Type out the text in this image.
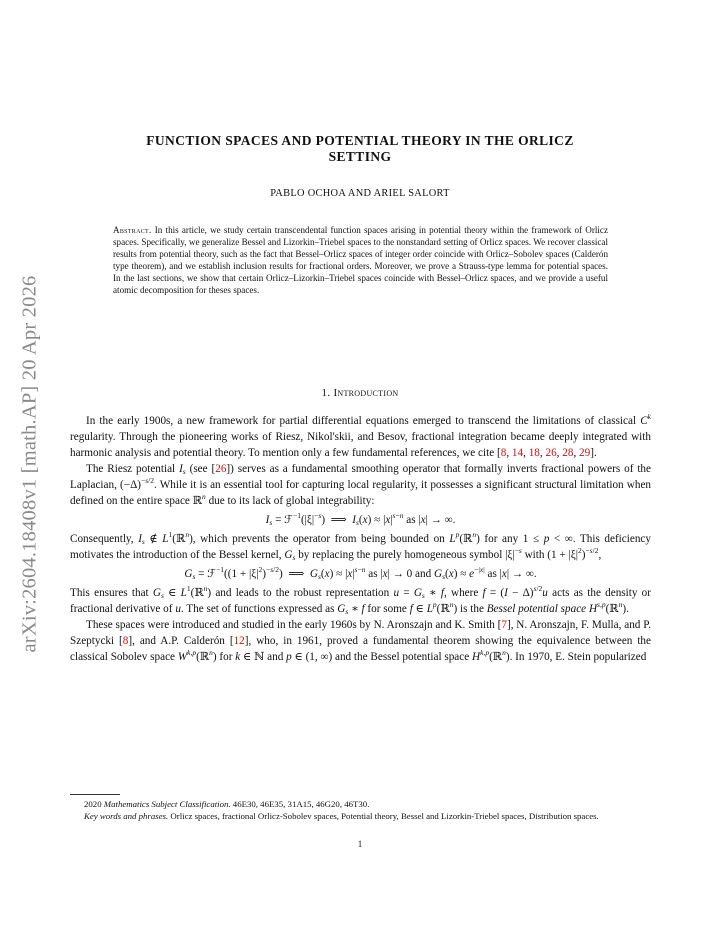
arXiv:2604.18408v1 [math.AP] 20 Apr 2026
FUNCTION SPACES AND POTENTIAL THEORY IN THE ORLICZ
SETTING
PABLO OCHOA AND ARIEL SALORT
Abstract. In this article, we study certain transcendental function spaces arising in potential theory within the framework of Orlicz spaces. Specifically, we generalize Bessel and Lizorkin–Triebel spaces to the nonstandard setting of Orlicz spaces. We recover classical results from potential theory, such as the fact that Bessel–Orlicz spaces of integer order coincide with Orlicz–Sobolev spaces (Calderón type theorem), and we establish inclusion results for fractional orders. Moreover, we prove a Strauss-type lemma for potential spaces. In the last sections, we show that certain Orlicz–Lizorkin–Triebel spaces coincide with Bessel–Orlicz spaces, and we provide a useful atomic decomposition for theses spaces.
1. Introduction

In the early 1900s, a new framework for partial differential equations emerged to transcend the limitations of classical $C^k$ regularity. Through the pioneering works of Riesz, Nikol'skii, and Besov, fractional integration became deeply integrated with harmonic analysis and potential theory. To mention only a few fundamental references, we cite [8, 14, 18, 26, 28, 29].

The Riesz potential $I_s$ (see [26]) serves as a fundamental smoothing operator that formally inverts fractional powers of the Laplacian, $(-\Delta)^{-s/2}$. While it is an essential tool for capturing local regularity, it possesses a significant structural limitation when defined on the entire space ℝ$^n$ due to its lack of global integrability:

$I_s$ = $ℱ^{-1}(|\xi|^{-s})$  ⟹  $I_s(x) \approx |x|^{s-n}$ as |x| → ∞.

Consequently, $I_s$ ∉ $L^1(ℝ^n)$, which prevents the operator from being bounded on $L^p(ℝ^n)$ for any 1 ≤ p < ∞. This deficiency motivates the introduction of the Bessel kernel, $G_s$ by replacing the purely homogeneous symbol $|\xi|^{-s}$ with $(1 + |\xi|^2)^{-s/2}$,

$G_s$ = ℱ$^{-1}$((1 + $|\xi|^2)^{-s/2}$)  ⟹  $G_s(x) \approx |x|^{s-n}$ as |x| → 0 and $G_s(x) \approx e^{-|x|}$ as |x| → ∞.

This ensures that $G_s$ ∈ $L^1(ℝ^n)$ and leads to the robust representation $u = G_s$ ∗ f, where $f = (I - \Delta)^{s/2}u$ acts as the density or fractional derivative of u. The set of functions expressed as $G_s$ ∗ f for some f ∈ $L^p(ℝ^n)$ is the Bessel potential space H$^{s,p}$(ℝ$^n$).

These spaces were introduced and studied in the early 1960s by N. Aronszajn and K. Smith [7], N. Aronszajn, F. Mulla, and P. Szeptycki [8], and A.P. Calderón [12], who, in 1961, proved a fundamental theorem showing the equivalence between the classical Sobolev space W$^{k,p}$(ℝ$^n$) for k ∈ ℕ and p ∈ (1, ∞) and the Bessel potential space H$^{k,p}$(ℝ$^n$). In 1970, E. Stein popularized

2020 Mathematics Subject Classification. 46E30, 46E35, 31A15, 46G20, 46T30.

Key words and phrases. Orlicz spaces, fractional Orlicz-Sobolev spaces, Potential theory, Bessel and Lizorkin-Triebel spaces, Distribution spaces.

1
